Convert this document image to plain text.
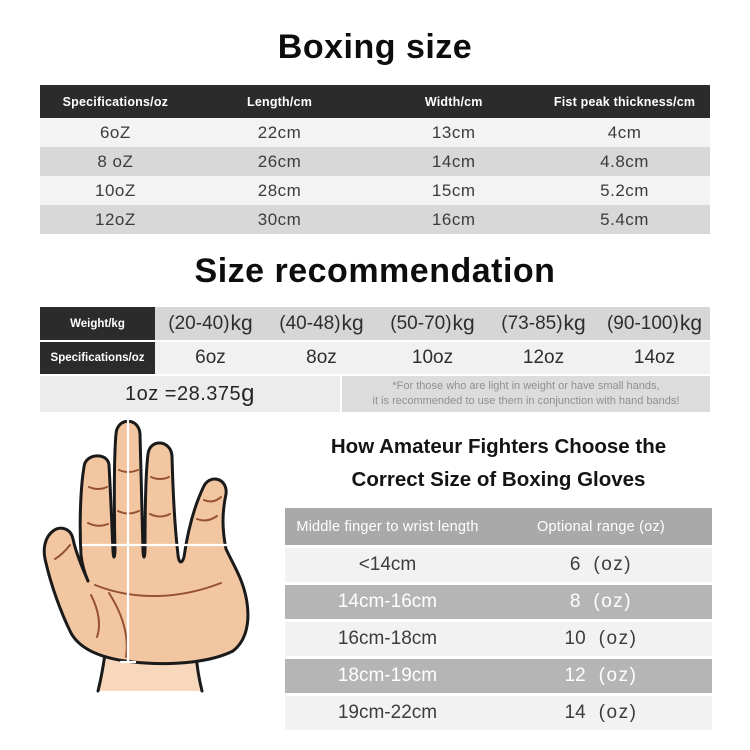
Boxing size
Specifications/oz	Length/cm	Width/cm	Fist peak thickness/cm
6oZ	22cm	13cm	4cm
8 oZ	26cm	14cm	4.8cm
10oZ	28cm	15cm	5.2cm
12oZ	30cm	16cm	5.4cm
Size recommendation
Weight/kg	(20-40) kg (40-48) kg (50-70) kg (73-85) kg (90-100) kg
Specifications/oz	6oz	8oz	10oz	12oz	14oz
1oz =28.375 g	*For those who are light in weight or have small hands,
it is recommended to use them in conjunction with hand bands!
How Amateur Fighters Choose the
Correct Size of Boxing Gloves
Middle finger to wrist length	Optional range (oz)
<14cm	6 (oz)
14cm-16cm	8 (oz)
16cm-18cm	10 (oz)
18cm-19cm	12 (oz)
19cm-22cm	14 (oz)
